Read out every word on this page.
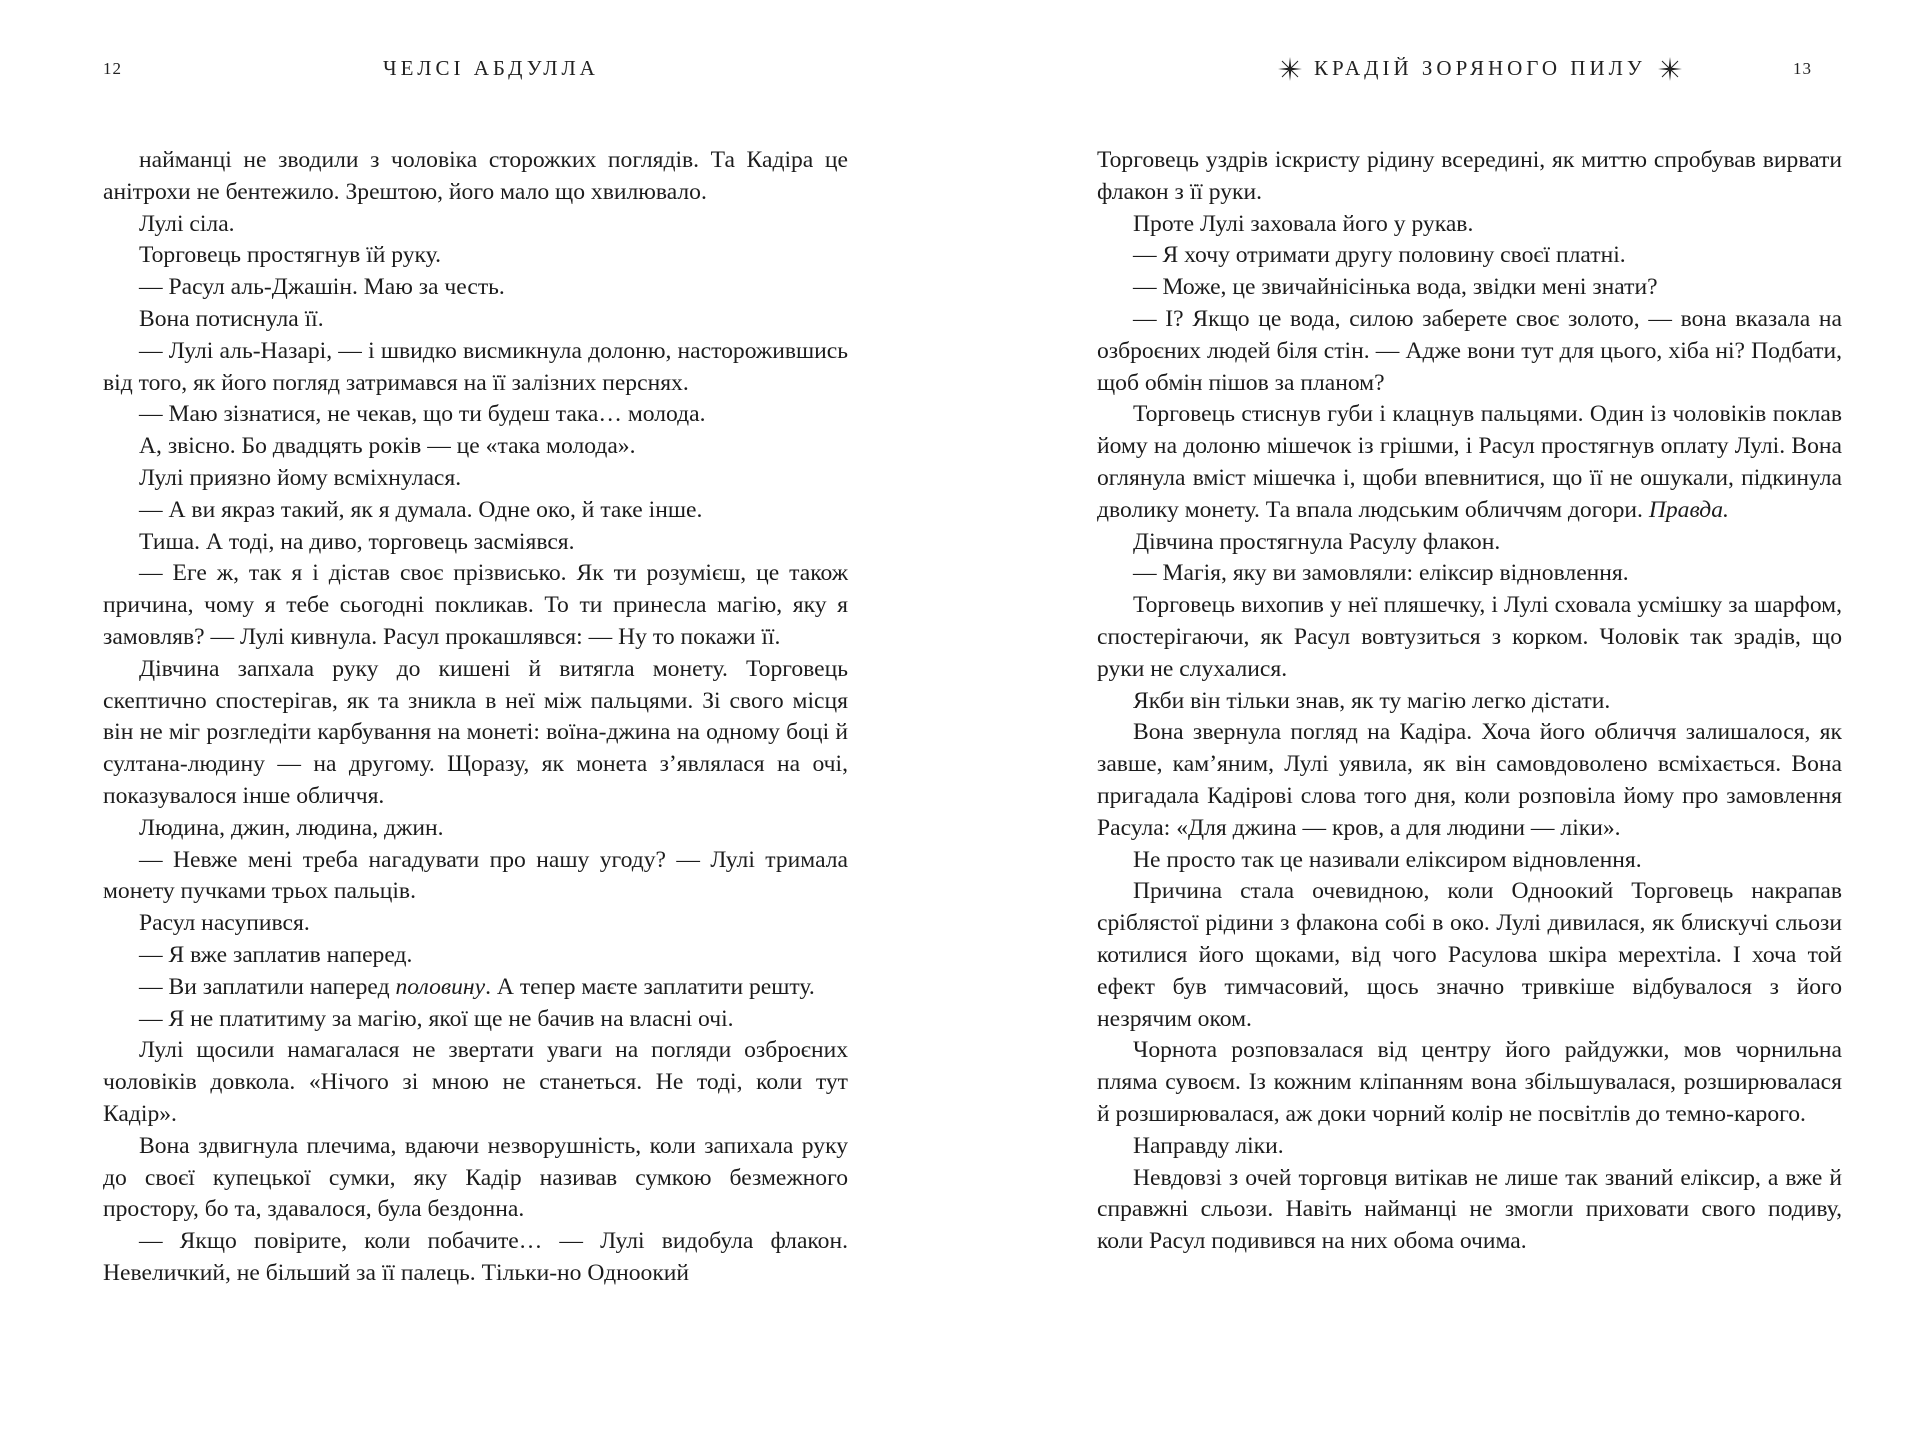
12	ЧЕЛСІ АБДУЛЛА

найманці не зводили з чоловіка сторожких поглядів. Та Кадіра це анітрохи не бентежило. Зрештою, його мало що хвилювало.

Лулі сіла.

Торговець простягнув їй руку.

— Расул аль-Джашін. Маю за честь.

Вона потиснула її.

— Лулі аль-Назарі, — і швидко висмикнула долоню, насторожившись від того, як його погляд затримався на її залізних перснях.

— Маю зізнатися, не чекав, що ти будеш така… молода.

А, звісно. Бо двадцять років — це «така молода».

Лулі приязно йому всміхнулася.

— А ви якраз такий, як я думала. Одне око, й таке інше.

Тиша. А тоді, на диво, торговець засміявся.

— Еге ж, так я і дістав своє прізвисько. Як ти розумієш, це також причина, чому я тебе сьогодні покликав. То ти принесла магію, яку я замовляв? — Лулі кивнула. Расул прокашлявся: — Ну то покажи її.

Дівчина запхала руку до кишені й витягла монету. Торговець скептично спостерігав, як та зникла в неї між пальцями. Зі свого місця він не міг розгледіти карбування на монеті: воїна-джина на одному боці й султана-людину — на другому. Щоразу, як монета з’являлася на очі, показувалося інше обличчя.

Людина, джин, людина, джин.

— Невже мені треба нагадувати про нашу угоду? — Лулі тримала монету пучками трьох пальців.

Расул насупився.

— Я вже заплатив наперед.

— Ви заплатили наперед половину. А тепер маєте заплатити решту.

— Я не платитиму за магію, якої ще не бачив на власні очі.

Лулі щосили намагалася не звертати уваги на погляди озброєних чоловіків довкола. «Нічого зі мною не станеться. Не тоді, коли тут Кадір».

Вона здвигнула плечима, вдаючи незворушність, коли запихала руку до своєї купецької сумки, яку Кадір називав сумкою безмежного простору, бо та, здавалося, була бездонна.

— Якщо повірите, коли побачите… — Лулі видобула флакон. Невеличкий, не більший за її палець. Тільки-но Одноокий

КРАДІЙ ЗОРЯНОГО ПИЛУ	13

Торговець уздрів іскристу рідину всередині, як миттю спробував вирвати флакон з її руки.

Проте Лулі заховала його у рукав.

— Я хочу отримати другу половину своєї платні.

— Може, це звичайнісінька вода, звідки мені знати?

— І? Якщо це вода, силою заберете своє золото, — вона вказала на озброєних людей біля стін. — Адже вони тут для цього, хіба ні? Подбати, щоб обмін пішов за планом?

Торговець стиснув губи і клацнув пальцями. Один із чоловіків поклав йому на долоню мішечок із грішми, і Расул простягнув оплату Лулі. Вона оглянула вміст мішечка і, щоби впевнитися, що її не ошукали, підкинула дволику монету. Та впала людським обличчям догори. Правда.

Дівчина простягнула Расулу флакон.

— Магія, яку ви замовляли: еліксир відновлення.

Торговець вихопив у неї пляшечку, і Лулі сховала усмішку за шарфом, спостерігаючи, як Расул вовтузиться з корком. Чоловік так зрадів, що руки не слухалися.

Якби він тільки знав, як ту магію легко дістати.

Вона звернула погляд на Кадіра. Хоча його обличчя залишалося, як завше, кам’яним, Лулі уявила, як він самовдоволено всміхається. Вона пригадала Кадірові слова того дня, коли розповіла йому про замовлення Расула: «Для джина — кров, а для людини — ліки».

Не просто так це називали еліксиром відновлення.

Причина стала очевидною, коли Одноокий Торговець накрапав сріблястої рідини з флакона собі в око. Лулі дивилася, як блискучі сльози котилися його щоками, від чого Расулова шкіра мерехтіла. І хоча той ефект був тимчасовий, щось значно тривкіше відбувалося з його незрячим оком.

Чорнота розповзалася від центру його райдужки, мов чорнильна пляма сувоєм. Із кожним кліпанням вона збільшувалася, розширювалася й розширювалася, аж доки чорний колір не посвітлів до темно-карого.

Направду ліки.

Невдовзі з очей торговця витікав не лише так званий еліксир, а вже й справжні сльози. Навіть найманці не змогли приховати свого подиву, коли Расул подивився на них обома очима.
